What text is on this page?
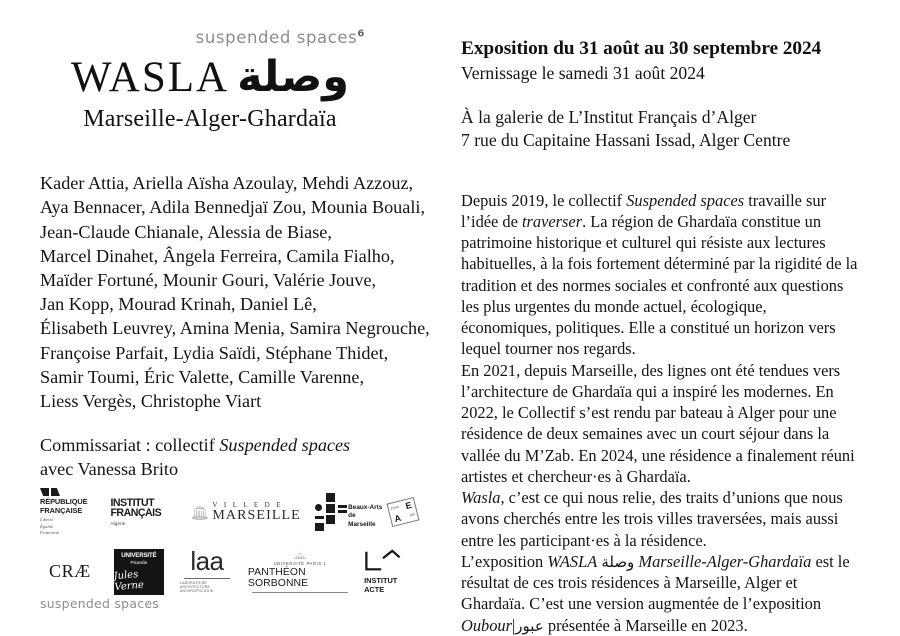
suspended spaces$^6$
WASLA وصلة
Marseille-Alger-Ghardaïa
Kader Attia, Ariella Aïsha Azoulay, Mehdi Azzouz,
Aya Bennacer, Adila Bennedjaï Zou, Mounia Bouali,
Jean-Claude Chianale, Alessia de Biase,
Marcel Dinahet, Ângela Ferreira, Camila Fialho,
Maïder Fortuné, Mounir Gouri, Valérie Jouve,
Jan Kopp, Mourad Krinah, Daniel Lê,
Élisabeth Leuvrey, Amina Menia, Samira Negrouche,
Françoise Parfait, Lydia Saïdi, Stéphane Thidet,
Samir Toumi, Éric Valette, Camille Varenne,
Liess Vergès, Christophe Viart
Commissariat : collectif Suspended spaces
avec Vanessa Brito
RÉPUBLIQUE
FRANÇAISE
Liberté
Égalité
Fraternité
INSTITUT
FRANÇAIS
Algérie
V I L L E D E
MARSEILLE
Beaux-Arts
de Marseille
ESAD E
A MM
CRÆ
UNIVERSITÉ
Picardie
Jules Verne
laa
LABORATOIRE ARCHITECTURE ANTHROPOLOGIE
UNIVERSITÉ PARIS 1
PANTHÉON SORBONNE	INSTITUT
ACTE
suspended spaces
Exposition du 31 août au 30 septembre 2024
Vernissage le samedi 31 août 2024
À la galerie de L’Institut Français d’Alger
7 rue du Capitaine Hassani Issad, Alger Centre

Depuis 2019, le collectif Suspended spaces travaille sur l’idée de traverser. La région de Ghardaïa constitue un patrimoine historique et culturel qui résiste aux lectures habituelles, à la fois fortement déterminé par la rigidité de la tradition et des normes sociales et confronté aux questions les plus urgentes du monde actuel, écologique, économiques, politiques. Elle a constitué un horizon vers lequel tourner nos regards.

En 2021, depuis Marseille, des lignes ont été tendues vers l’architecture de Ghardaïa qui a inspiré les modernes. En 2022, le Collectif s’est rendu par bateau à Alger pour une résidence de deux semaines avec un court séjour dans la vallée du M’Zab. En 2024, une résidence a finalement réuni artistes et chercheur·es à Ghardaïa.

Wasla, c’est ce qui nous relie, des traits d’unions que nous avons cherchés entre les trois villes traversées, mais aussi entre les participant·es à la résidence.

L’exposition WASLA وصلة Marseille-Alger-Ghardaïa est le résultat de ces trois résidences à Marseille, Alger et Ghardaïa. C’est une version augmentée de l’exposition Oubour|عبور présentée à Marseille en 2023.
